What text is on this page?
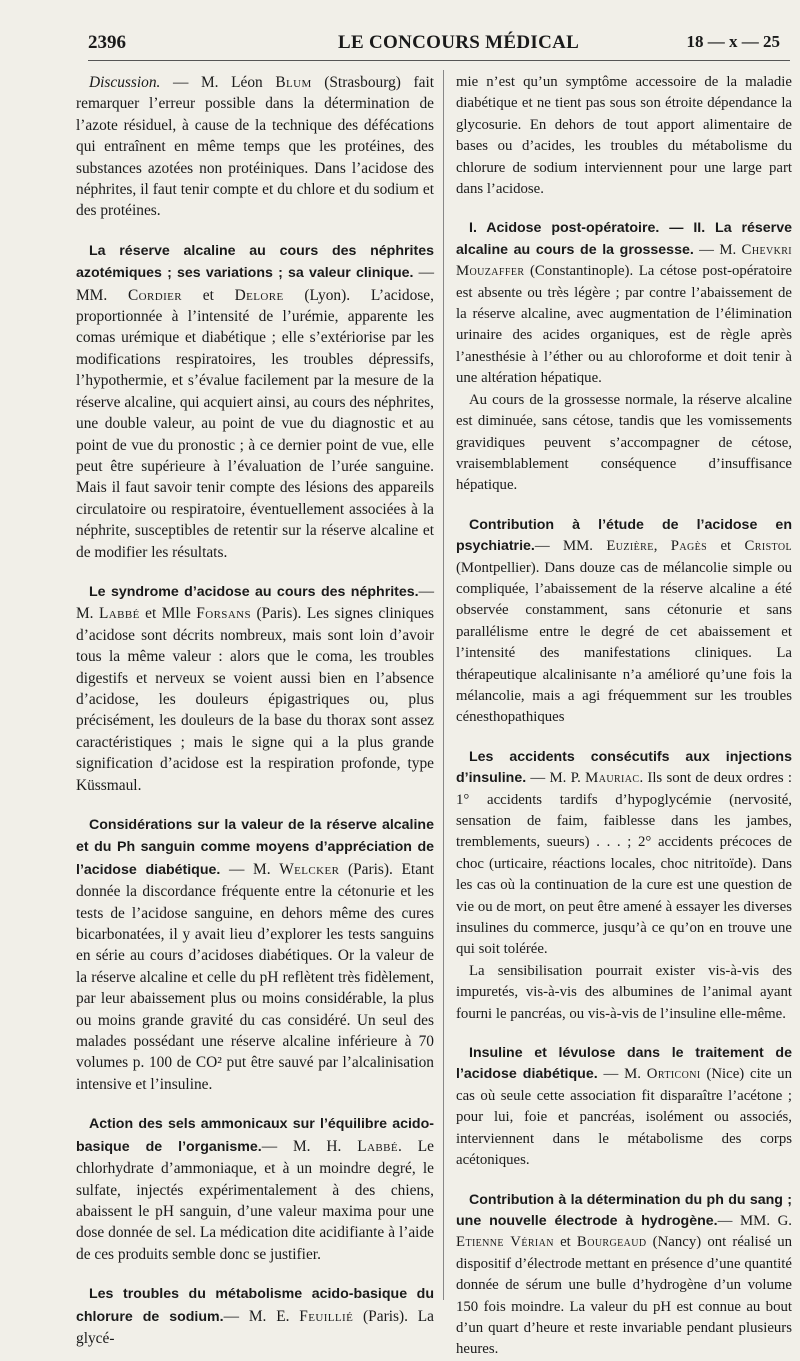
2396	LE CONCOURS MÉDICAL	18 — x — 25

Discussion. — M. Léon Blum (Strasbourg) fait remarquer l’erreur possible dans la détermination de l’azote résiduel, à cause de la technique des défécations qui entraînent en même temps que les protéines, des substances azotées non protéiniques. Dans l’acidose des néphrites, il faut tenir compte et du chlore et du sodium et des protéines.

La réserve alcaline au cours des néphrites azotémiques ; ses variations ; sa valeur clinique. — MM. Cordier et Delore (Lyon). L’acidose, proportionnée à l’intensité de l’urémie, apparente les comas urémique et diabétique ; elle s’extériorise par les modifications respiratoires, les troubles dépressifs, l’hypothermie, et s’évalue facilement par la mesure de la réserve alcaline, qui acquiert ainsi, au cours des néphrites, une double valeur, au point de vue du diagnostic et au point de vue du pronostic ; à ce dernier point de vue, elle peut être supérieure à l’évaluation de l’urée sanguine. Mais il faut savoir tenir compte des lésions des appareils circulatoire ou respiratoire, éventuellement associées à la néphrite, susceptibles de retentir sur la réserve alcaline et de modifier les résultats.

Le syndrome d’acidose au cours des néphrites.— M. Labbé et Mlle Forsans (Paris). Les signes cliniques d’acidose sont décrits nombreux, mais sont loin d’avoir tous la même valeur : alors que le coma, les troubles digestifs et nerveux se voient aussi bien en l’absence d’acidose, les douleurs épigastriques ou, plus précisément, les douleurs de la base du thorax sont assez caractéristiques ; mais le signe qui a la plus grande signification d’acidose est la respiration profonde, type Küssmaul.

Considérations sur la valeur de la réserve alcaline et du Ph sanguin comme moyens d’appréciation de l’acidose diabétique. — M. Welcker (Paris). Etant donnée la discordance fréquente entre la cétonurie et les tests de l’acidose sanguine, en dehors même des cures bicarbonatées, il y avait lieu d’explorer les tests sanguins en série au cours d’acidoses diabétiques. Or la valeur de la réserve alcaline et celle du pH reflètent très fidèlement, par leur abaissement plus ou moins considérable, la plus ou moins grande gravité du cas considéré. Un seul des malades possédant une réserve alcaline inférieure à 70 volumes p. 100 de CO² put être sauvé par l’alcalinisation intensive et l’insuline.

Action des sels ammonicaux sur l’équilibre acido-basique de l’organisme.— M. H. Labbé. Le chlorhydrate d’ammoniaque, et à un moindre degré, le sulfate, injectés expérimentalement à des chiens, abaissent le pH sanguin, d’une valeur maxima pour une dose donnée de sel. La médication dite acidifiante à l’aide de ces produits semble donc se justifier.

Les troubles du métabolisme acido-basique du chlorure de sodium.— M. E. Feuillié (Paris). La glycé-

mie n’est qu’un symptôme accessoire de la maladie diabétique et ne tient pas sous son étroite dépendance la glycosurie. En dehors de tout apport alimentaire de bases ou d’acides, les troubles du métabolisme du chlorure de sodium interviennent pour une large part dans l’acidose.

I. Acidose post-opératoire. — II. La réserve alcaline au cours de la grossesse. — M. Chevkri Mouzaffer (Constantinople). La cétose post-opératoire est absente ou très légère ; par contre l’abaissement de la réserve alcaline, avec augmentation de l’élimination urinaire des acides organiques, est de règle après l’anesthésie à l’éther ou au chloroforme et doit tenir à une altération hépatique.

Au cours de la grossesse normale, la réserve alcaline est diminuée, sans cétose, tandis que les vomissements gravidiques peuvent s’accompagner de cétose, vraisemblablement conséquence d’insuffisance hépatique.

Contribution à l’étude de l’acidose en psychiatrie.— MM. Euzière, Pagès et Cristol (Montpellier). Dans douze cas de mélancolie simple ou compliquée, l’abaissement de la réserve alcaline a été observée constamment, sans cétonurie et sans parallélisme entre le degré de cet abaissement et l’intensité des manifestations cliniques. La thérapeutique alcalinisante n’a amélioré qu’une fois la mélancolie, mais a agi fréquemment sur les troubles cénesthopathiques

Les accidents consécutifs aux injections d’insuline. — M. P. Mauriac. Ils sont de deux ordres : 1° accidents tardifs d’hypoglycémie (nervosité, sensation de faim, faiblesse dans les jambes, tremblements, sueurs) . . . ; 2° accidents précoces de choc (urticaire, réactions locales, choc nitritoïde). Dans les cas où la continuation de la cure est une question de vie ou de mort, on peut être amené à essayer les diverses insulines du commerce, jusqu’à ce qu’on en trouve une qui soit tolérée.

La sensibilisation pourrait exister vis-à-vis des impuretés, vis-à-vis des albumines de l’animal ayant fourni le pancréas, ou vis-à-vis de l’insuline elle-même.

Insuline et lévulose dans le traitement de l’acidose diabétique. — M. Orticoni (Nice) cite un cas où seule cette association fit disparaître l’acétone ; pour lui, foie et pancréas, isolément ou associés, interviennent dans le métabolisme des corps acétoniques.

Contribution à la détermination du ph du sang ; une nouvelle électrode à hydrogène.— MM. G. Etienne Vérian et Bourgeaud (Nancy) ont réalisé un dispositif d’électrode mettant en présence d’une quantité donnée de sérum une bulle d’hydrogène d’un volume 150 fois moindre. La valeur du pH est connue au bout d’un quart d’heure et reste invariable pendant plusieurs heures.
